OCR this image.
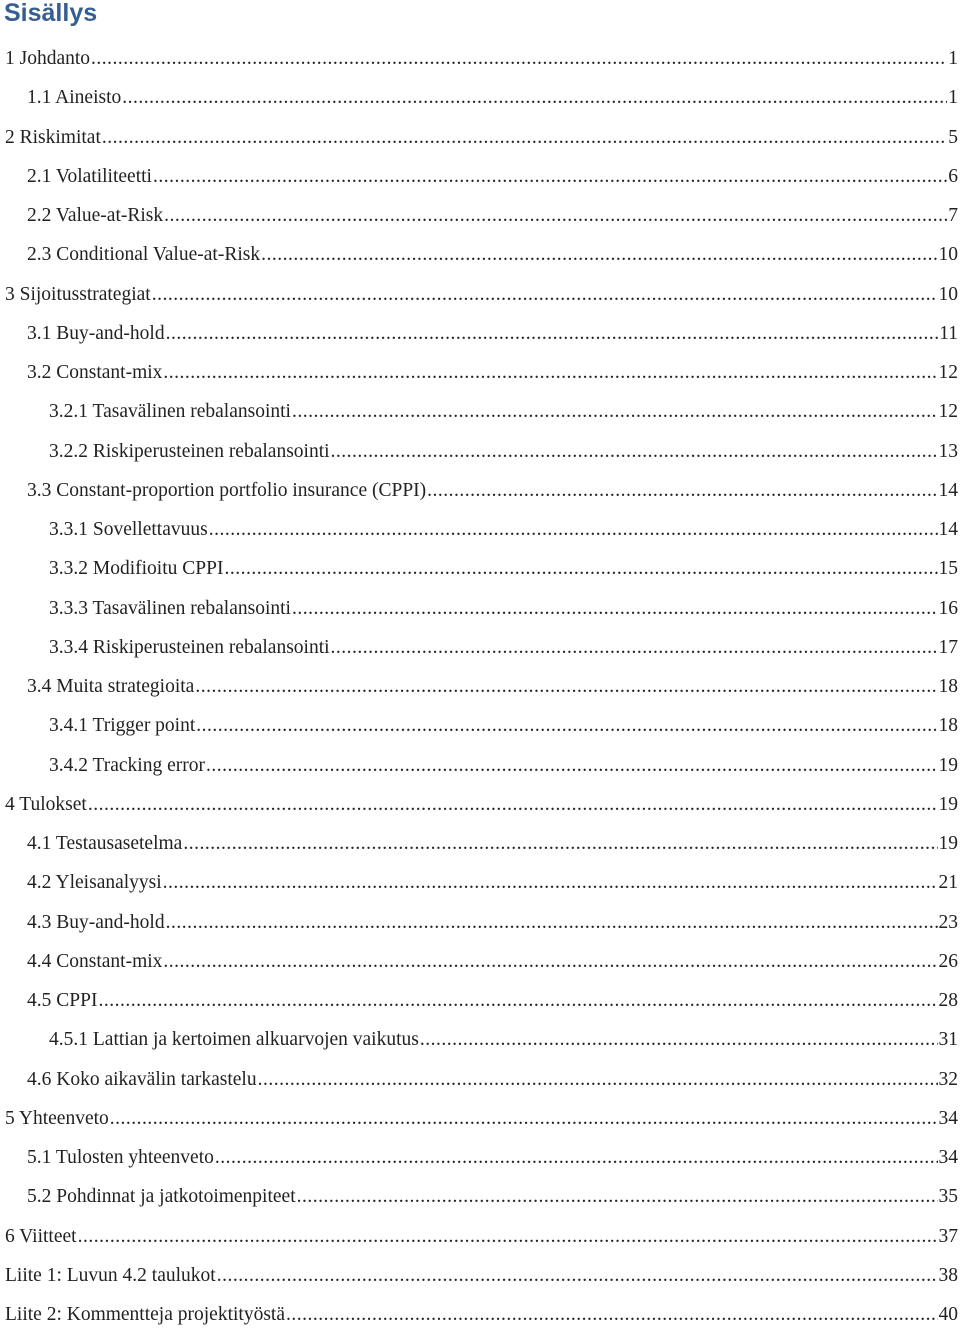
Sisällys
1 Johdanto .....	1
1.1 Aineisto .....	1
2 Riskimitat .....	5
2.1 Volatiliteetti .....	6
2.2 Value-at-Risk .....	7
2.3 Conditional Value-at-Risk .....	10
3 Sijoitusstrategiat .....	10
3.1 Buy-and-hold .....	11
3.2 Constant-mix .....	12
3.2.1 Tasavälinen rebalansointi .....	12
3.2.2 Riskiperusteinen rebalansointi .....	13
3.3 Constant-proportion portfolio insurance (CPPI) .....	14
3.3.1 Sovellettavuus .....	14
3.3.2 Modifioitu CPPI .....	15
3.3.3 Tasavälinen rebalansointi .....	16
3.3.4 Riskiperusteinen rebalansointi .....	17
3.4 Muita strategioita .....	18
3.4.1 Trigger point .....	18
3.4.2 Tracking error .....	19
4 Tulokset .....	19
4.1 Testausasetelma .....	19
4.2 Yleisanalyysi .....	21
4.3 Buy-and-hold .....	23
4.4 Constant-mix .....	26
4.5 CPPI .....	28
4.5.1 Lattian ja kertoimen alkuarvojen vaikutus .....	31
4.6 Koko aikavälin tarkastelu .....	32
5 Yhteenveto .....	34
5.1 Tulosten yhteenveto .....	34
5.2 Pohdinnat ja jatkotoimenpiteet .....	35
6 Viitteet .....	37
Liite 1: Luvun 4.2 taulukot .....	38
Liite 2: Kommentteja projektityöstä .....	40
